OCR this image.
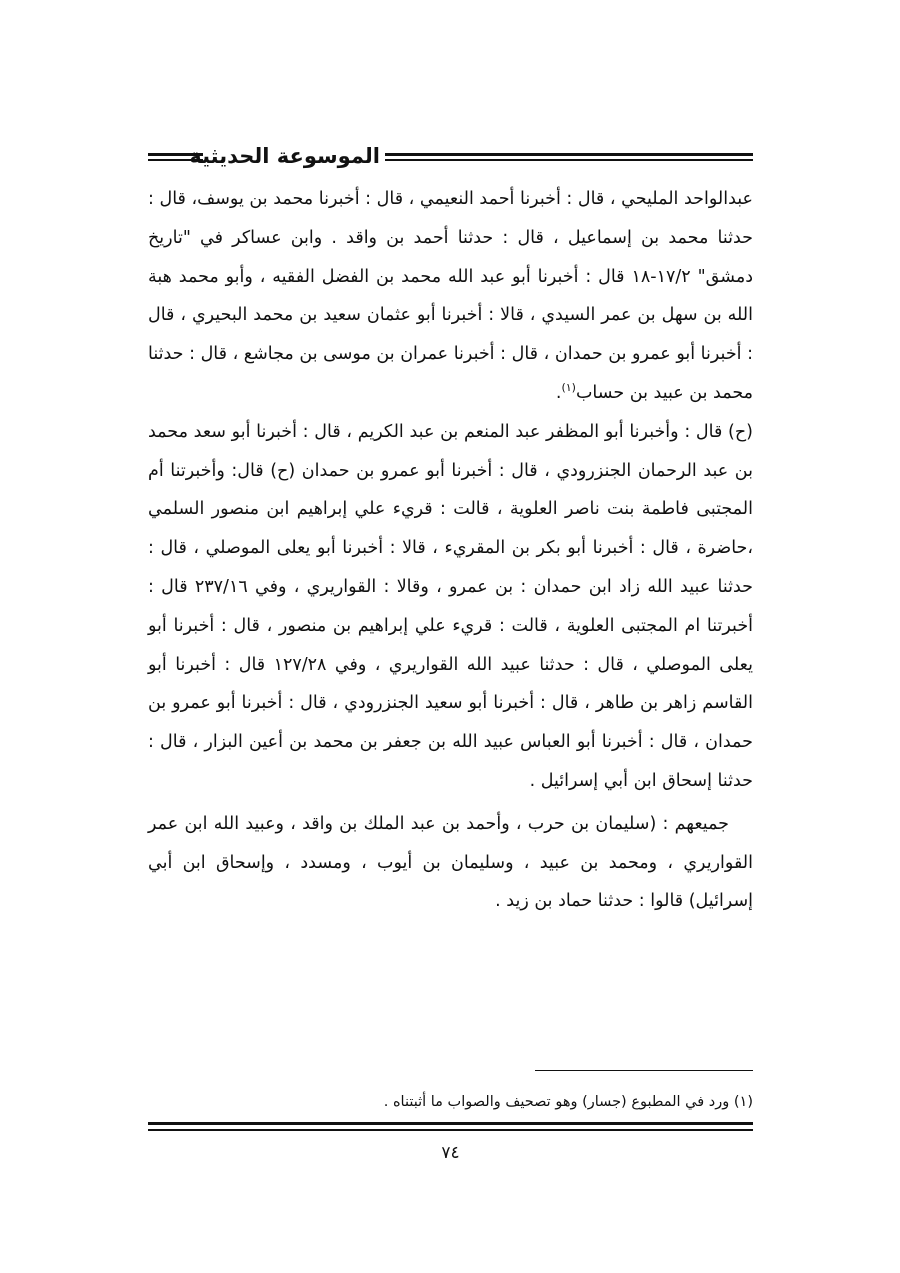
الموسوعة الحديثية

عبدالواحد المليحي ، قال : أخبرنا أحمد النعيمي ، قال : أخبرنا محمد بن يوسف، قال : حدثنا محمد بن إسماعيل ، قال : حدثنا أحمد بن واقد . وابن عساكر في "تاريخ دمشق" ١٧/٢-١٨ قال : أخبرنا أبو عبد الله محمد بن الفضل الفقيه ، وأبو محمد هبة الله بن سهل بن عمر السيدي ، قالا : أخبرنا أبو عثمان سعيد بن محمد البحيري ، قال : أخبرنا أبو عمرو بن حمدان ، قال : أخبرنا عمران بن موسى بن مجاشع ، قال : حدثنا محمد بن عبيد بن حساب$^{(١)}$.

(ح) قال : وأخبرنا أبو المظفر عبد المنعم بن عبد الكريم ، قال : أخبرنا أبو سعد محمد بن عبد الرحمان الجنزرودي ، قال : أخبرنا أبو عمرو بن حمدان (ح) قال: وأخبرتنا أم المجتبى فاطمة بنت ناصر العلوية ، قالت : قريء علي إبراهيم ابن منصور السلمي ،حاضرة ، قال : أخبرنا أبو بكر بن المقريء ، قالا : أخبرنا أبو يعلى الموصلي ، قال : حدثنا عبيد الله زاد ابن حمدان : بن عمرو ، وقالا : القواريري ، وفي ٢٣٧/١٦ قال : أخبرتنا ام المجتبى العلوية ، قالت : قريء علي إبراهيم بن منصور ، قال : أخبرنا أبو يعلى الموصلي ، قال : حدثنا عبيد الله القواريري ، وفي ١٢٧/٢٨ قال : أخبرنا أبو القاسم زاهر بن طاهر ، قال : أخبرنا أبو سعيد الجنزرودي ، قال : أخبرنا أبو عمرو بن حمدان ، قال : أخبرنا أبو العباس عبيد الله بن جعفر بن محمد بن أعين البزار ، قال : حدثنا إسحاق ابن أبي إسرائيل .

جميعهم : (سليمان بن حرب ، وأحمد بن عبد الملك بن واقد ، وعبيد الله ابن عمر القواريري ، ومحمد بن عبيد ، وسليمان بن أيوب ، ومسدد ، وإسحاق ابن أبي إسرائيل) قالوا : حدثنا حماد بن زيد .

(١) ورد في المطبوع (جسار) وهو تصحيف والصواب ما أثبتناه .
٧٤
